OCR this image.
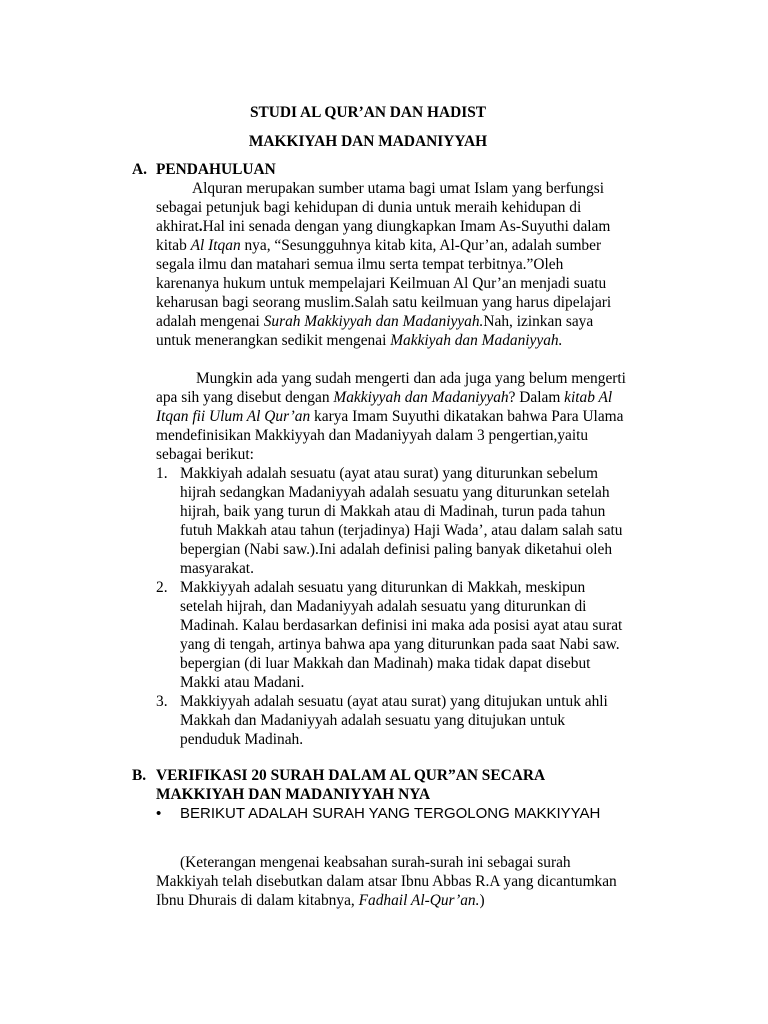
STUDI AL QUR’AN DAN HADIST
MAKKIYAH DAN MADANIYYAH
A. PENDAHULUAN
Alquran merupakan sumber utama bagi umat Islam yang berfungsi sebagai petunjuk bagi kehidupan di dunia untuk meraih kehidupan di akhirat.Hal ini senada dengan yang diungkapkan Imam As-Suyuthi dalam kitab Al Itqan nya, “Sesungguhnya kitab kita, Al-Qur’an, adalah sumber segala ilmu dan matahari semua ilmu serta tempat terbitnya.”Oleh karenanya hukum untuk mempelajari Keilmuan Al Qur’an menjadi suatu keharusan bagi seorang muslim.Salah satu keilmuan yang harus dipelajari adalah mengenai Surah Makkiyyah dan Madaniyyah.Nah, izinkan saya untuk menerangkan sedikit mengenai Makkiyah dan Madaniyyah.
Mungkin ada yang sudah mengerti dan ada juga yang belum mengerti apa sih yang disebut dengan Makkiyyah dan Madaniyyah? Dalam kitab Al Itqan fii Ulum Al Qur’an karya Imam Suyuthi dikatakan bahwa Para Ulama mendefinisikan Makkiyyah dan Madaniyyah dalam 3 pengertian,yaitu sebagai berikut:
1. Makkiyah adalah sesuatu (ayat atau surat) yang diturunkan sebelum hijrah sedangkan Madaniyyah adalah sesuatu yang diturunkan setelah hijrah, baik yang turun di Makkah atau di Madinah, turun pada tahun futuh Makkah atau tahun (terjadinya) Haji Wada’, atau dalam salah satu bepergian (Nabi saw.).Ini adalah definisi paling banyak diketahui oleh masyarakat.
2. Makkiyyah adalah sesuatu yang diturunkan di Makkah, meskipun setelah hijrah, dan Madaniyyah adalah sesuatu yang diturunkan di Madinah. Kalau berdasarkan definisi ini maka ada posisi ayat atau surat yang di tengah, artinya bahwa apa yang diturunkan pada saat Nabi saw. bepergian (di luar Makkah dan Madinah) maka tidak dapat disebut Makki atau Madani.
3. Makkiyyah adalah sesuatu (ayat atau surat) yang ditujukan untuk ahli Makkah dan Madaniyyah adalah sesuatu yang ditujukan untuk penduduk Madinah.
B. VERIFIKASI 20 SURAH DALAM AL QUR”AN SECARA
MAKKIYAH DAN MADANIYYAH NYA
•	BERIKUT ADALAH SURAH YANG TERGOLONG MAKKIYYAH
(Keterangan mengenai keabsahan surah-surah ini sebagai surah Makkiyah telah disebutkan dalam atsar Ibnu Abbas R.A yang dicantumkan Ibnu Dhurais di dalam kitabnya, Fadhail Al-Qur’an.)
